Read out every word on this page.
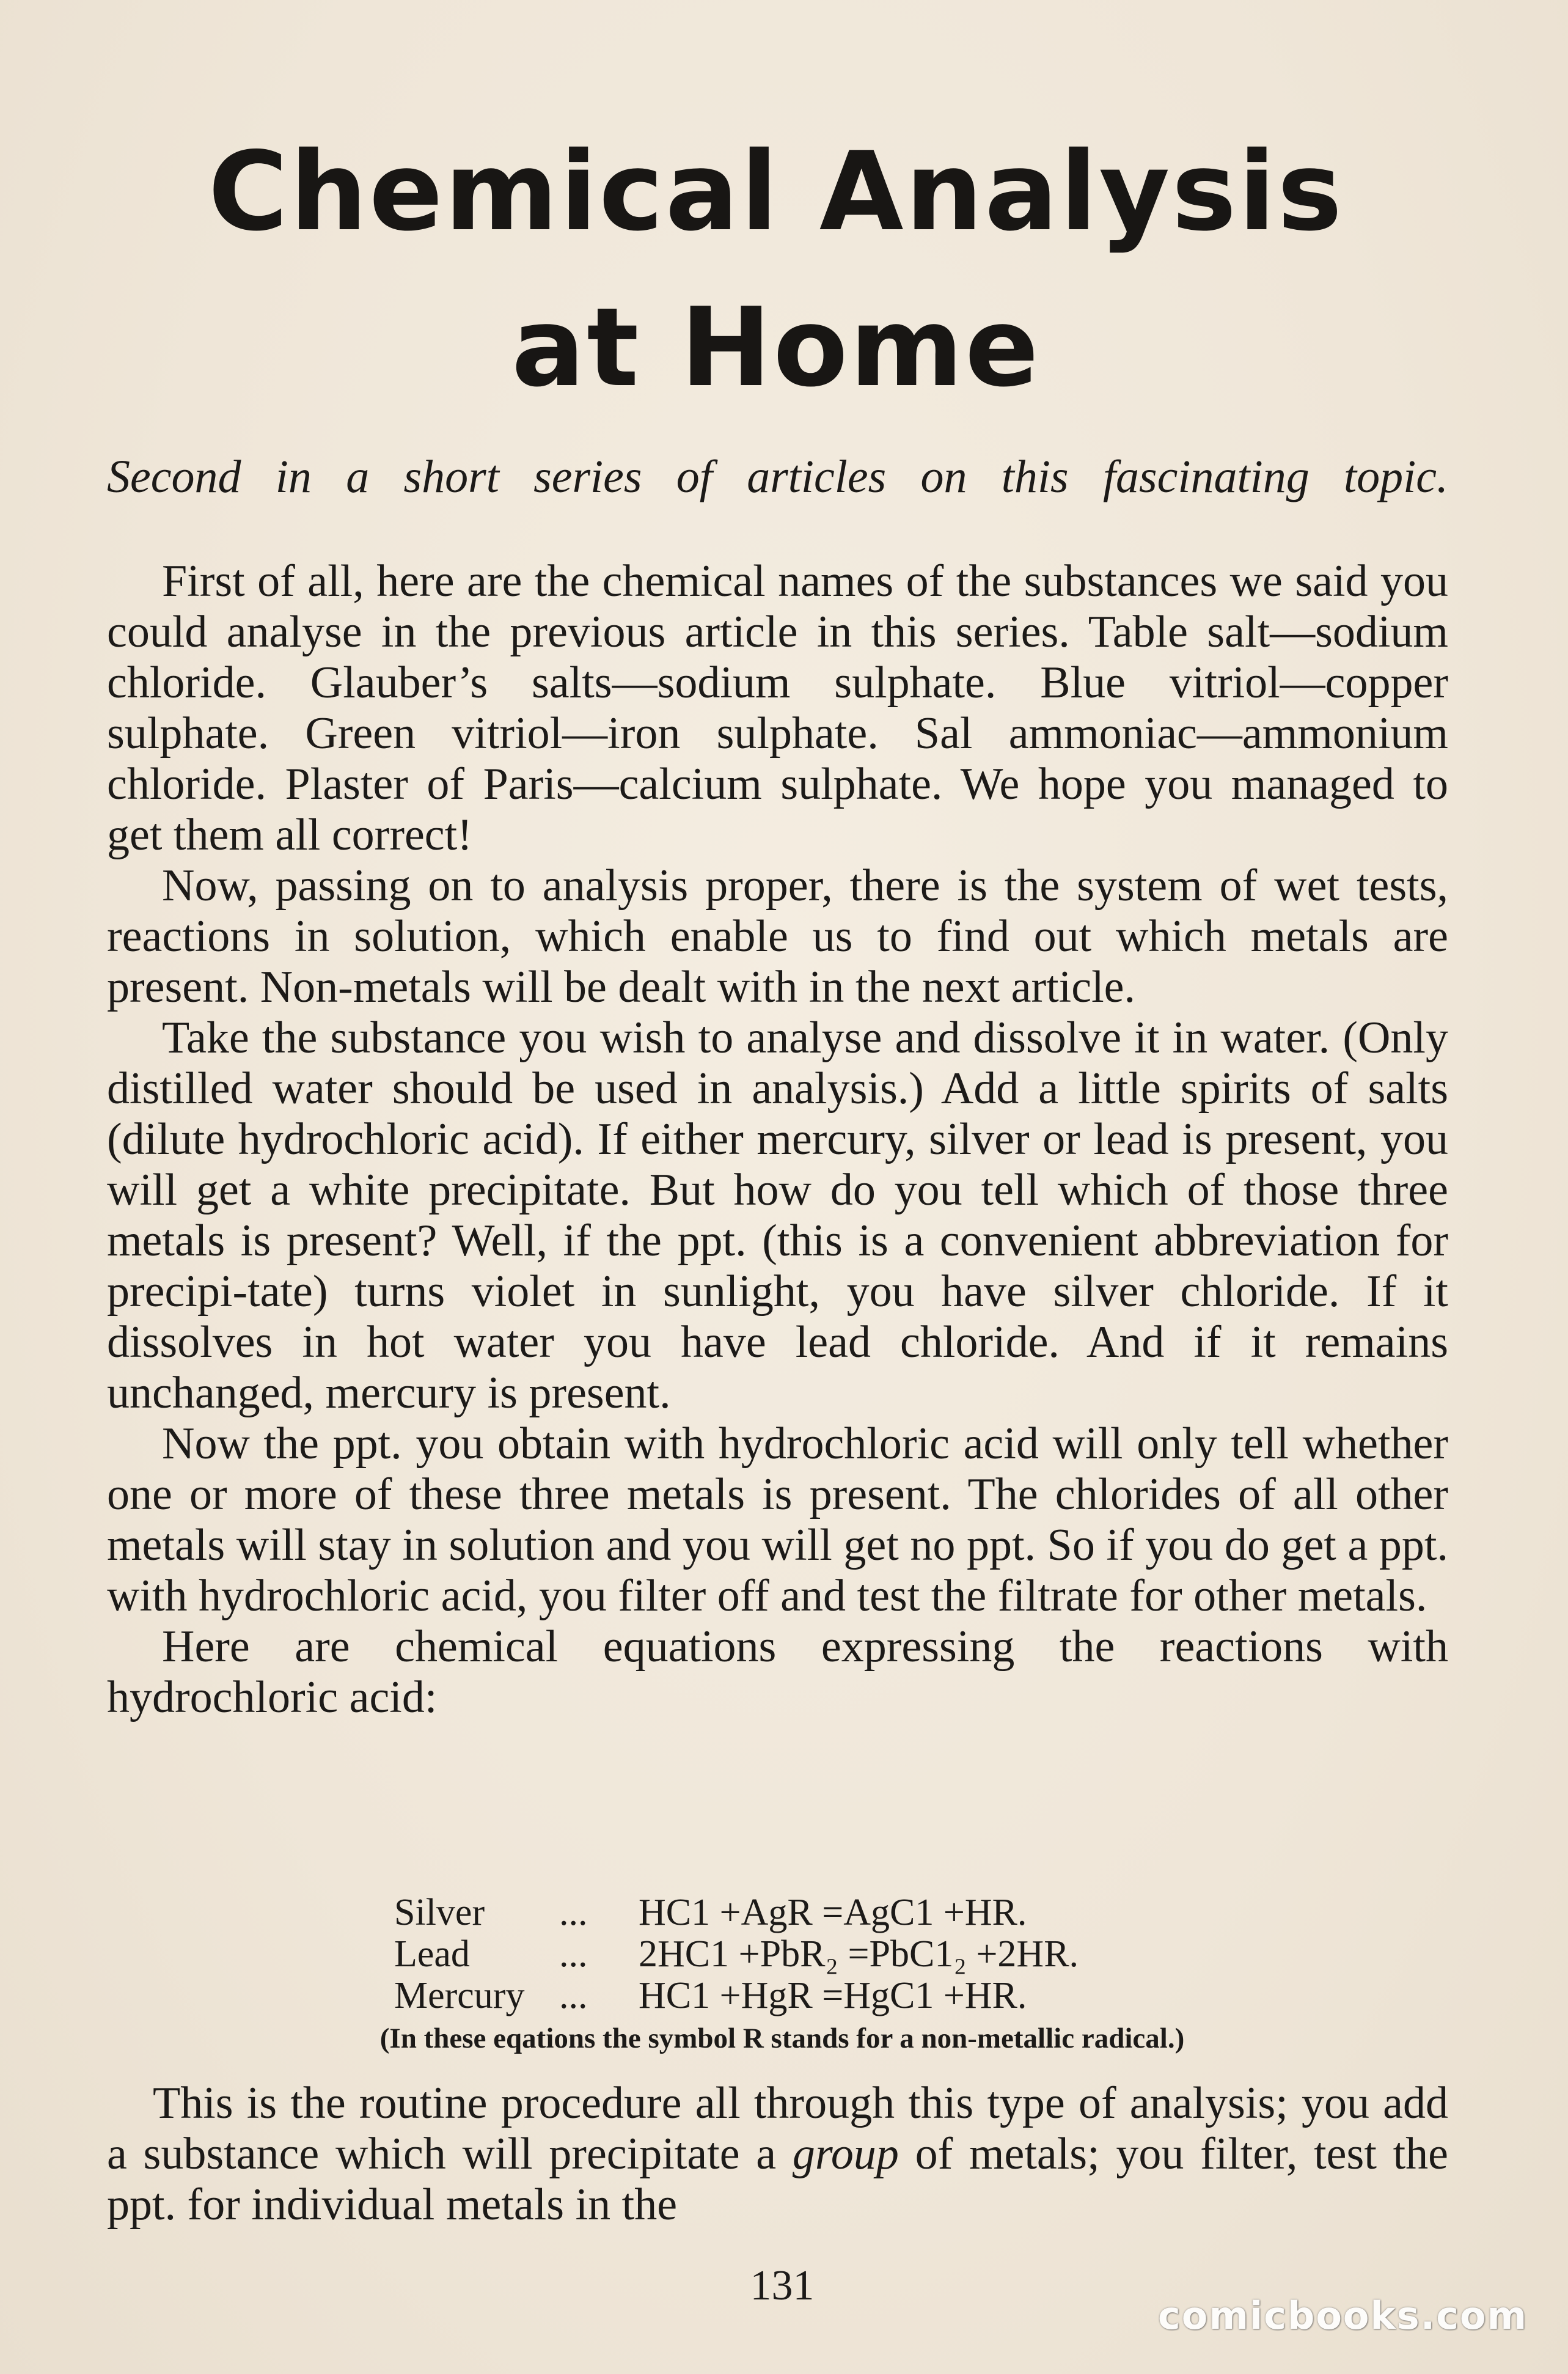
Chemical Analysis
at Home

Second in a short series of articles on this fascinating topic.

First of all, here are the chemical names of the substances we said you could analyse in the previous article in this series. Table salt—sodium chloride. Glauber’s salts—sodium sulphate. Blue vitriol—copper sulphate. Green vitriol—iron sulphate. Sal ammoniac—ammonium chloride. Plaster of Paris—calcium sulphate. We hope you managed to get them all correct!

Now, passing on to analysis proper, there is the system of wet tests, reactions in solution, which enable us to find out which metals are present. Non-metals will be dealt with in the next article.

Take the substance you wish to analyse and dissolve it in water. (Only distilled water should be used in analysis.) Add a little spirits of salts (dilute hydrochloric acid). If either mercury, silver or lead is present, you will get a white precipitate. But how do you tell which of those three metals is present? Well, if the ppt. (this is a convenient abbreviation for precipi-tate) turns violet in sunlight, you have silver chloride. If it dissolves in hot water you have lead chloride. And if it remains unchanged, mercury is present.

Now the ppt. you obtain with hydrochloric acid will only tell whether one or more of these three metals is present. The chlorides of all other metals will stay in solution and you will get no ppt. So if you do get a ppt. with hydrochloric acid, you filter off and test the filtrate for other metals.

Here are chemical equations expressing the reactions with hydrochloric acid:

Silver	...	HC1 +AgR =AgC1 +HR.
Lead	...	2HC1 +PbR₂ =PbC1₂ +2HR.
Mercury ...	HC1 +HgR =HgC1 +HR.
(In these eqations the symbol R stands for a non-metallic radical.)

This is the routine procedure all through this type of analysis; you add a substance which will precipitate a group of metals; you filter, test the ppt. for individual metals in the

131
comicbooks.com
